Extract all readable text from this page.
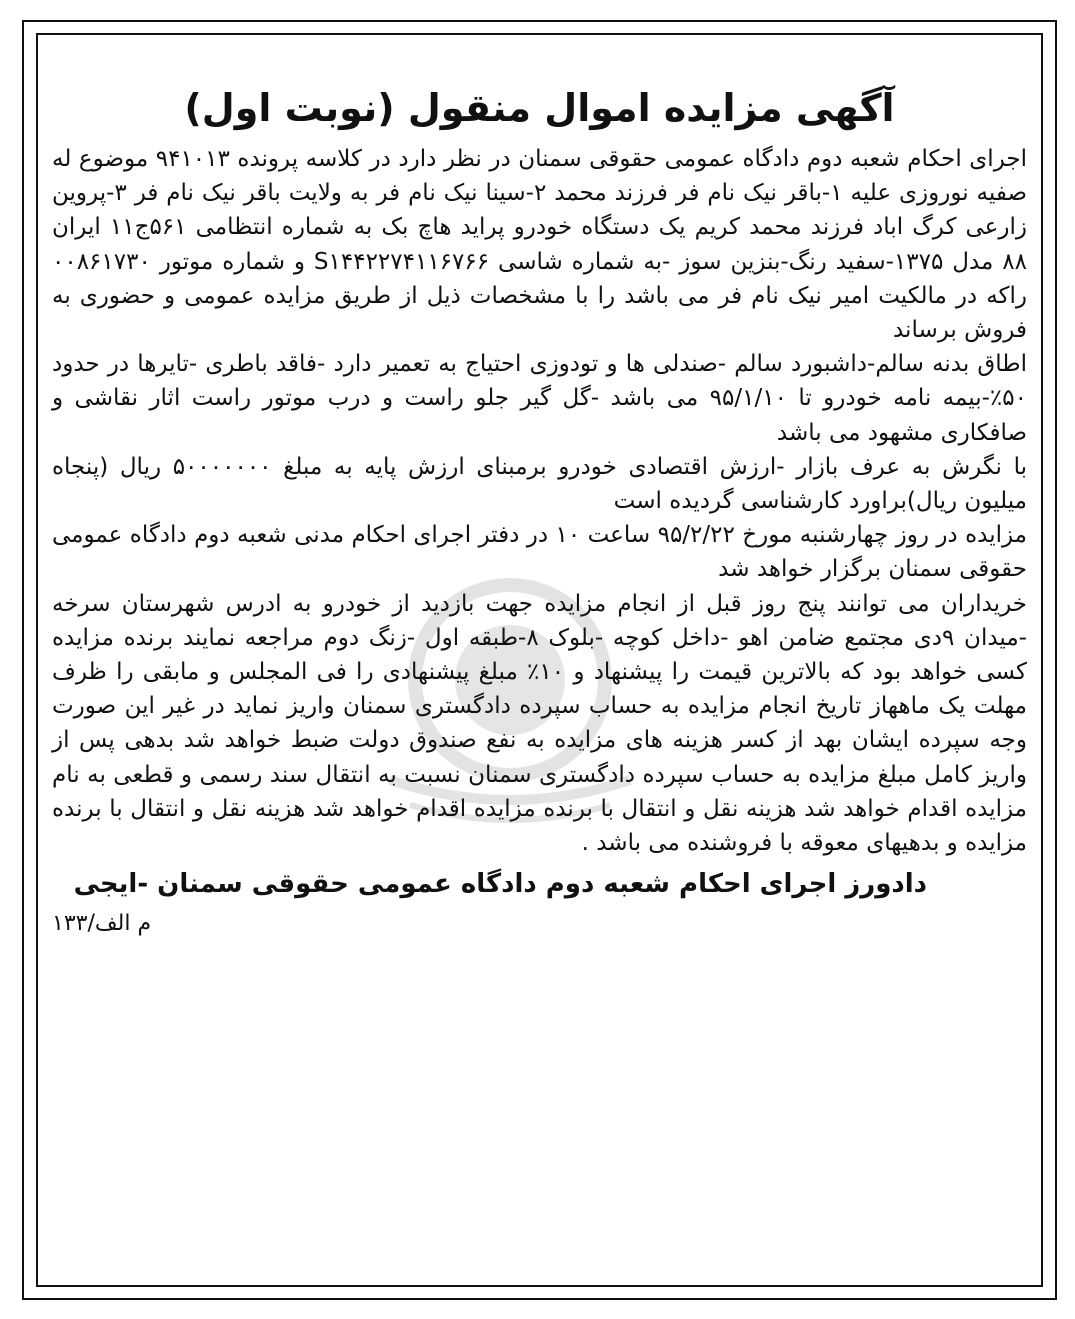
آگهی مزایده اموال منقول (نوبت اول)

اجرای احکام شعبه دوم دادگاه عمومی حقوقی سمنان در نظر دارد در کلاسه پرونده ۹۴۱۰۱۳ موضوع له صفیه نوروزی علیه ۱-باقر نیک نام فر فرزند محمد ۲-سینا نیک نام فر به ولایت باقر نیک نام فر ۳-پروین زارعی کرگ اباد فرزند محمد کریم یک دستگاه خودرو پراید هاچ بک به شماره انتظامی ۵۶۱ج۱۱ ایران ۸۸ مدل ۱۳۷۵-سفید رنگ-بنزین سوز -به شماره شاسی S۱۴۴۲۲۷۴۱۱۶۷۶۶ و شماره موتور ۰۰۸۶۱۷۳۰ راکه در مالکیت امیر نیک نام فر می باشد را با مشخصات ذیل از طریق مزایده عمومی و حضوری به فروش برساند

اطاق بدنه سالم-داشبورد سالم -صندلی ها و تودوزی احتیاج به تعمیر دارد -فاقد باطری -تایرها در حدود ۵۰٪-بیمه نامه خودرو تا ۹۵/۱/۱۰ می باشد -گل گیر جلو راست و درب موتور راست اثار نقاشی و صافکاری مشهود می باشد

با نگرش به عرف بازار -ارزش اقتصادی خودرو برمبنای ارزش پایه به مبلغ ۵۰۰۰۰۰۰۰ ریال (پنجاه میلیون ریال)براورد کارشناسی گردیده است

مزایده در روز چهارشنبه مورخ ۹۵/۲/۲۲ ساعت ۱۰ در دفتر اجرای احکام مدنی شعبه دوم دادگاه عمومی حقوقی سمنان برگزار خواهد شد

خریداران می توانند پنج روز قبل از انجام مزایده جهت بازدید از خودرو به ادرس شهرستان سرخه -میدان ۹دی مجتمع ضامن اهو -داخل کوچه -بلوک ۸-طبقه اول -زنگ دوم مراجعه نمایند برنده مزایده کسی خواهد بود که بالاترین قیمت را پیشنهاد و ۱۰٪ مبلغ پیشنهادی را فی المجلس و مابقی را ظرف مهلت یک ماههاز تاریخ انجام مزایده به حساب سپرده دادگستری سمنان واریز نماید در غیر این صورت وجه سپرده ایشان بهد از کسر هزینه های مزایده به نفع صندوق دولت ضبط خواهد شد بدهی پس از واریز کامل مبلغ مزایده به حساب سپرده دادگستری سمنان نسبت به انتقال سند رسمی و قطعی به نام مزایده اقدام خواهد شد هزینه نقل و انتقال با برنده مزایده اقدام خواهد شد هزینه نقل و انتقال با برنده مزایده و بدهیهای معوقه با فروشنده می باشد .

دادورز اجرای احکام شعبه دوم دادگاه عمومی حقوقی سمنان -ایجی
م الف/۱۳۳
